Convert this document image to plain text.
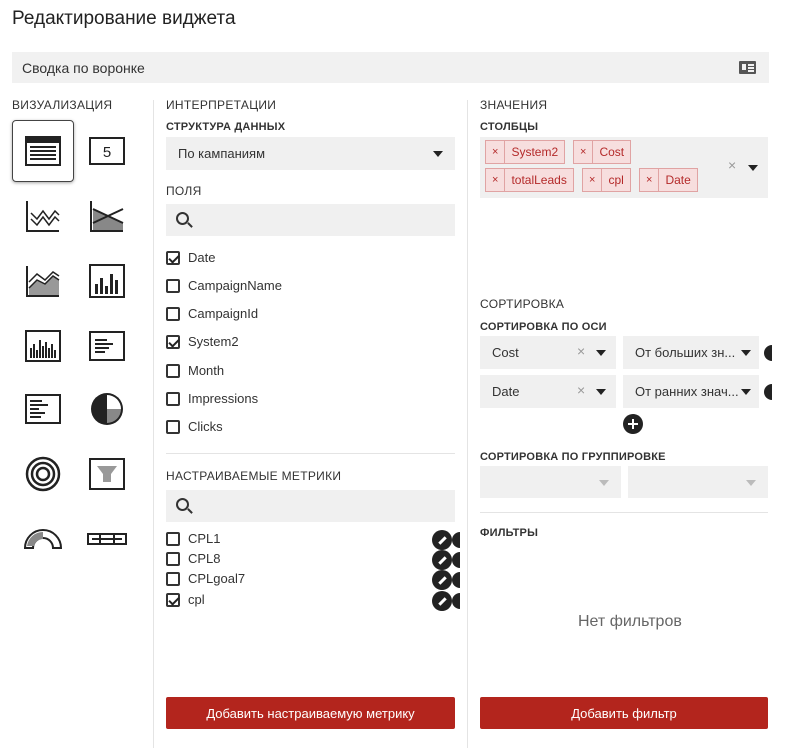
Редактирование виджета
Сводка по воронке
ВИЗУАЛИЗАЦИЯ
5
ИНТЕРПРЕТАЦИИ
СТРУКТУРА ДАННЫХ
По кампаниям
ПОЛЯ
Date
CampaignName
CampaignId
System2
Month
Impressions
Clicks
НАСТРАИВАЕМЫЕ МЕТРИКИ
CPL1
CPL8
CPLgoal7
cpl
Добавить настраиваемую метрику
ЗНАЧЕНИЯ
СТОЛБЦЫ
×	System2	×	Cost
×	totalLeads	×	cpl	×	Date
×
СОРТИРОВКА
СОРТИРОВКА ПО ОСИ
Cost	×	От больших зн...
Date	×	От ранних знач...
СОРТИРОВКА ПО ГРУППИРОВКЕ
ФИЛЬТРЫ
Нет фильтров
Добавить фильтр
